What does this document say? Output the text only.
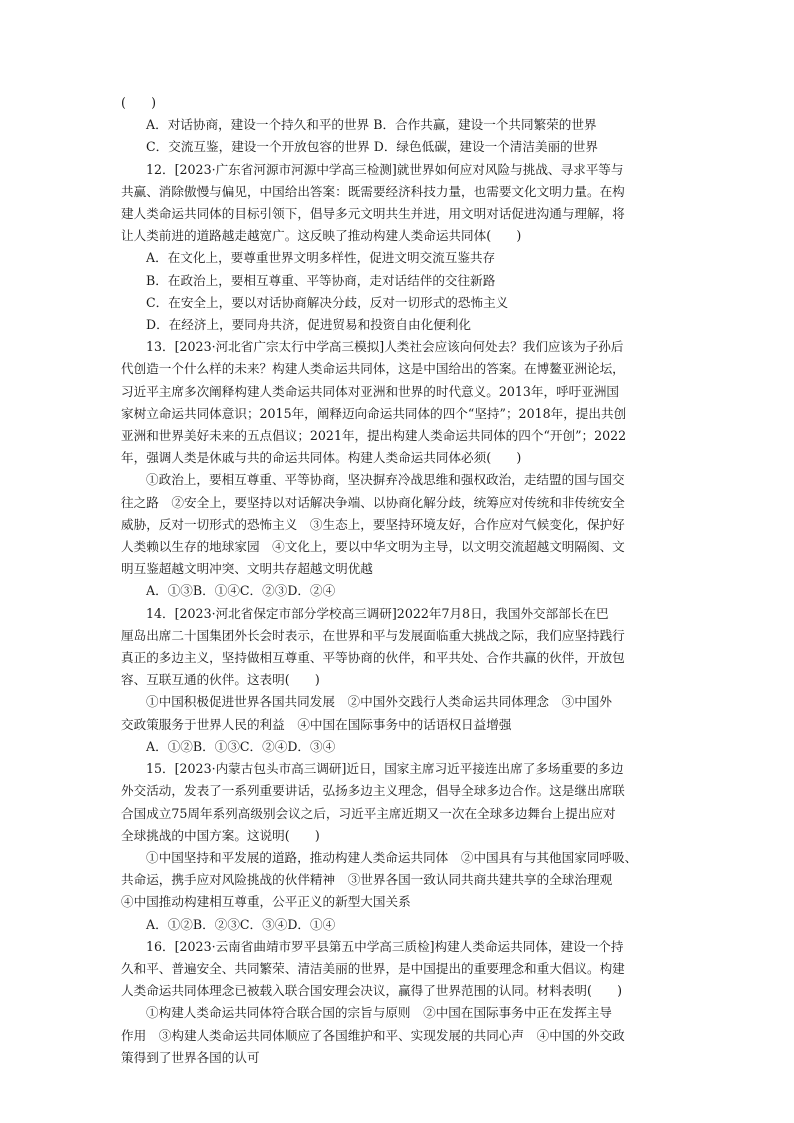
(　　)
A．对话协商，建设一个持久和平的世界 B．合作共赢，建设一个共同繁荣的世界
C．交流互鉴，建设一个开放包容的世界 D．绿色低碳，建设一个清洁美丽的世界
12．[2023·广东省河源市河源中学高三检测]就世界如何应对风险与挑战、寻求平等与
共赢、消除傲慢与偏见，中国给出答案：既需要经济科技力量，也需要文化文明力量。在构
建人类命运共同体的目标引领下，倡导多元文明共生并进，用文明对话促进沟通与理解，将
让人类前进的道路越走越宽广。这反映了推动构建人类命运共同体(　　)
A．在文化上，要尊重世界文明多样性，促进文明交流互鉴共存
B．在政治上，要相互尊重、平等协商，走对话结伴的交往新路
C．在安全上，要以对话协商解决分歧，反对一切形式的恐怖主义
D．在经济上，要同舟共济，促进贸易和投资自由化便利化
13．[2023·河北省广宗太行中学高三模拟]人类社会应该向何处去？我们应该为子孙后
代创造一个什么样的未来？构建人类命运共同体，这是中国给出的答案。在博鳌亚洲论坛，
习近平主席多次阐释构建人类命运共同体对亚洲和世界的时代意义。2013年，呼吁亚洲国
家树立命运共同体意识；2015年，阐释迈向命运共同体的四个“坚持”；2018年，提出共创
亚洲和世界美好未来的五点倡议；2021年，提出构建人类命运共同体的四个“开创”；2022
年，强调人类是休戚与共的命运共同体。构建人类命运共同体必须(　　)
①政治上，要相互尊重、平等协商，坚决摒弃冷战思维和强权政治，走结盟的国与国交
往之路　②安全上，要坚持以对话解决争端、以协商化解分歧，统筹应对传统和非传统安全
威胁，反对一切形式的恐怖主义　③生态上，要坚持环境友好，合作应对气候变化，保护好
人类赖以生存的地球家园　④文化上，要以中华文明为主导，以文明交流超越文明隔阂、文
明互鉴超越文明冲突、文明共存超越文明优越
A．①③B．①④C．②③D．②④
14．[2023·河北省保定市部分学校高三调研]2022年7月8日，我国外交部部长在巴
厘岛出席二十国集团外长会时表示，在世界和平与发展面临重大挑战之际，我们应坚持践行
真正的多边主义，坚持做相互尊重、平等协商的伙伴，和平共处、合作共赢的伙伴，开放包
容、互联互通的伙伴。这表明(　　)
①中国积极促进世界各国共同发展　②中国外交践行人类命运共同体理念　③中国外
交政策服务于世界人民的利益　④中国在国际事务中的话语权日益增强
A．①②B．①③C．②④D．③④
15．[2023·内蒙古包头市高三调研]近日，国家主席习近平接连出席了多场重要的多边
外交活动，发表了一系列重要讲话，弘扬多边主义理念，倡导全球多边合作。这是继出席联
合国成立75周年系列高级别会议之后，习近平主席近期又一次在全球多边舞台上提出应对
全球挑战的中国方案。这说明(　　)
①中国坚持和平发展的道路，推动构建人类命运共同体　②中国具有与其他国家同呼吸、
共命运，携手应对风险挑战的伙伴精神　③世界各国一致认同共商共建共享的全球治理观
④中国推动构建相互尊重，公平正义的新型大国关系
A．①②B．②③C．③④D．①④
16．[2023·云南省曲靖市罗平县第五中学高三质检]构建人类命运共同体，建设一个持
久和平、普遍安全、共同繁荣、清洁美丽的世界，是中国提出的重要理念和重大倡议。构建
人类命运共同体理念已被载入联合国安理会决议，赢得了世界范围的认同。材料表明(　　)
①构建人类命运共同体符合联合国的宗旨与原则　②中国在国际事务中正在发挥主导
作用　③构建人类命运共同体顺应了各国维护和平、实现发展的共同心声　④中国的外交政
策得到了世界各国的认可
